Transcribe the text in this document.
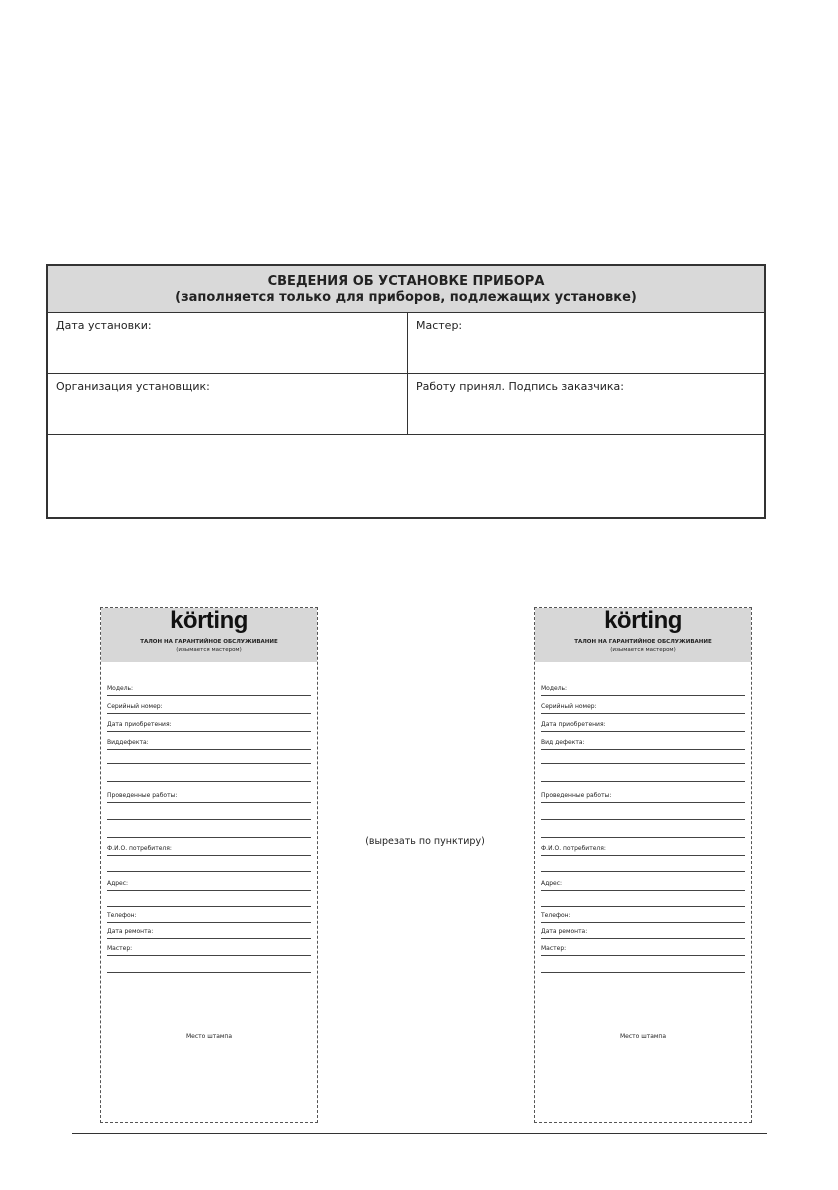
СВЕДЕНИЯ ОБ УСТАНОВКЕ ПРИБОРА
(заполняется только для приборов, подлежащих установке)
Дата установки:	Мастер:
Организация установщик:	Работу принял. Подпись заказчика:
körting
ТАЛОН НА ГАРАНТИЙНОЕ ОБСЛУЖИВАНИЕ
(изымается мастером)
Модель:
Серийный номер:
Дата приобретения:
Виддефекта:
Проведенные работы:
Ф.И.О. потребителя:
Адрес:
Телефон:
Дата ремонта:
Мастер:
Место штампа
(вырезать по пунктиру)
körting
ТАЛОН НА ГАРАНТИЙНОЕ ОБСЛУЖИВАНИЕ
(изымается мастером)
Модель:
Серийный номер:
Дата приобретения:
Вид дефекта:
Проведенные работы:
Ф.И.О. потребителя:
Адрес:
Телефон:
Дата ремонта:
Мастер:
Место штампа
